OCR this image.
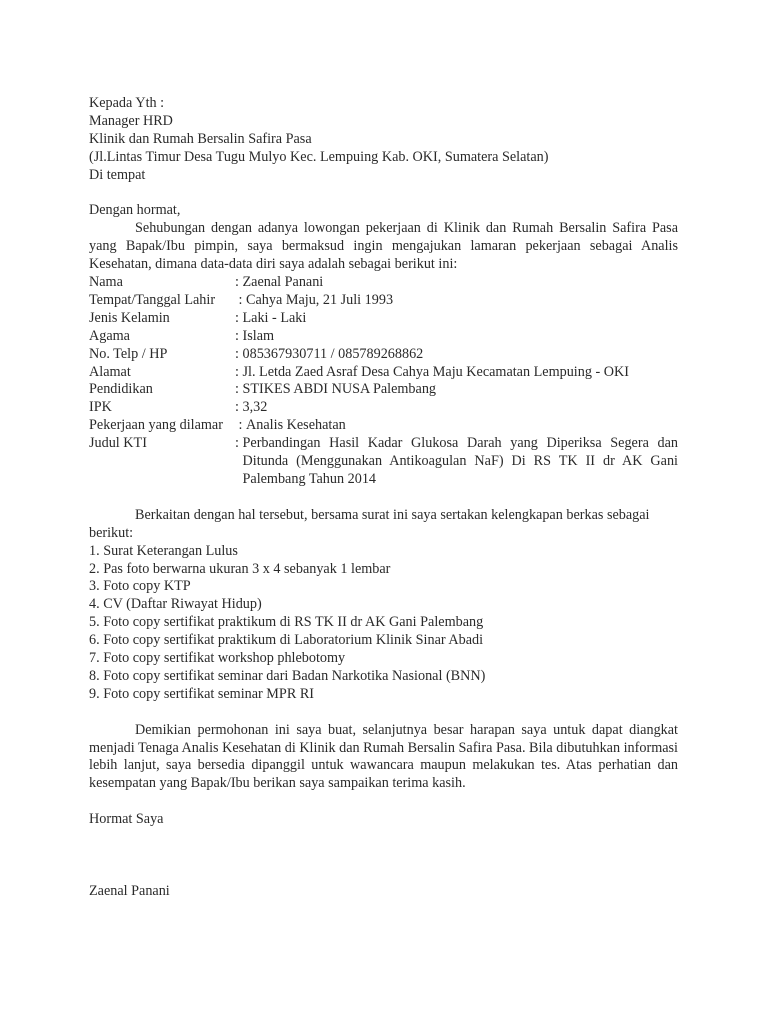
Kepada Yth :
Manager HRD
Klinik dan Rumah Bersalin Safira Pasa
(Jl.Lintas Timur Desa Tugu Mulyo Kec. Lempuing Kab. OKI, Sumatera Selatan)
Di tempat
Dengan hormat,
Sehubungan dengan adanya lowongan pekerjaan di Klinik dan Rumah Bersalin Safira Pasa yang Bapak/Ibu pimpin, saya bermaksud ingin mengajukan lamaran pekerjaan sebagai Analis Kesehatan, dimana data-data diri saya adalah sebagai berikut ini:
Nama	: Zaenal Panani
Tempat/Tanggal Lahir	: Cahya Maju, 21 Juli 1993
Jenis Kelamin	: Laki - Laki
Agama	: Islam
No. Telp / HP	: 085367930711 / 085789268862
Alamat	: Jl. Letda Zaed Asraf Desa Cahya Maju Kecamatan Lempuing - OKI
Pendidikan	: STIKES ABDI NUSA Palembang
IPK	: 3,32
Pekerjaan yang dilamar : Analis Kesehatan
Judul KTI	: Perbandingan Hasil Kadar Glukosa Darah yang Diperiksa Segera dan Ditunda (Menggunakan Antikoagulan NaF) Di RS TK II dr AK Gani Palembang Tahun 2014
Berkaitan dengan hal tersebut, bersama surat ini saya sertakan kelengkapan berkas sebagai
berikut:
1. Surat Keterangan Lulus
2. Pas foto berwarna ukuran 3 x 4 sebanyak 1 lembar
3. Foto copy KTP
4. CV (Daftar Riwayat Hidup)
5. Foto copy sertifikat praktikum di RS TK II dr AK Gani Palembang
6. Foto copy sertifikat praktikum di Laboratorium Klinik Sinar Abadi
7. Foto copy sertifikat workshop phlebotomy
8. Foto copy sertifikat seminar dari Badan Narkotika Nasional (BNN)
9. Foto copy sertifikat seminar MPR RI
Demikian permohonan ini saya buat, selanjutnya besar harapan saya untuk dapat diangkat menjadi Tenaga Analis Kesehatan di Klinik dan Rumah Bersalin Safira Pasa. Bila dibutuhkan informasi lebih lanjut, saya bersedia dipanggil untuk wawancara maupun melakukan tes. Atas perhatian dan kesempatan yang Bapak/Ibu berikan saya sampaikan terima kasih.
Hormat Saya
Zaenal Panani
